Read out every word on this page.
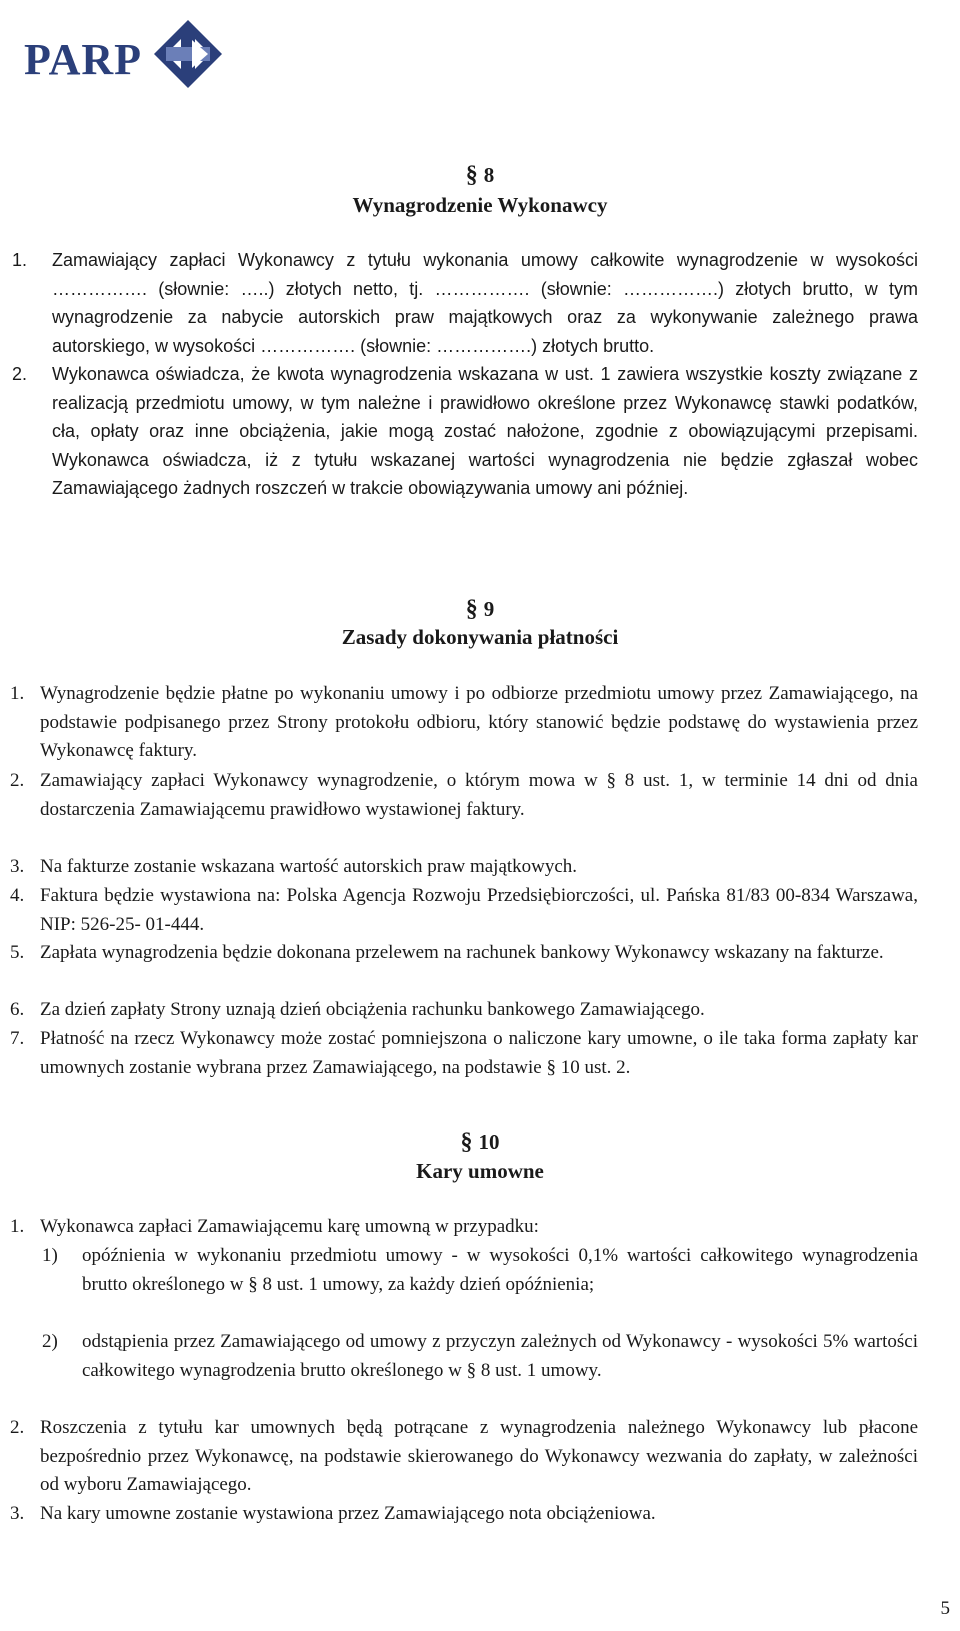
PARP
§ 8
Wynagrodzenie Wykonawcy
1. Zamawiający zapłaci Wykonawcy z tytułu wykonania umowy całkowite wynagrodzenie w wysokości ……………. (słownie: …..) złotych netto, tj. ……………. (słownie: …………….) złotych brutto, w tym wynagrodzenie za nabycie autorskich praw majątkowych oraz za wykonywanie zależnego prawa autorskiego, w wysokości ……………. (słownie: …………….) złotych brutto.
2. Wykonawca oświadcza, że kwota wynagrodzenia wskazana w ust. 1 zawiera wszystkie koszty związane z realizacją przedmiotu umowy, w tym należne i prawidłowo określone przez Wykonawcę stawki podatków, cła, opłaty oraz inne obciążenia, jakie mogą zostać nałożone, zgodnie z obowiązującymi przepisami. Wykonawca oświadcza, iż z tytułu wskazanej wartości wynagrodzenia nie będzie zgłaszał wobec Zamawiającego żadnych roszczeń w trakcie obowiązywania umowy ani później.
§ 9
Zasady dokonywania płatności
1. Wynagrodzenie będzie płatne po wykonaniu umowy i po odbiorze przedmiotu umowy przez Zamawiającego, na podstawie podpisanego przez Strony protokołu odbioru, który stanowić będzie podstawę do wystawienia przez Wykonawcę faktury.
2. Zamawiający zapłaci Wykonawcy wynagrodzenie, o którym mowa w § 8 ust. 1, w terminie 14 dni od dnia dostarczenia Zamawiającemu prawidłowo wystawionej faktury.
3. Na fakturze zostanie wskazana wartość autorskich praw majątkowych.
4. Faktura będzie wystawiona na: Polska Agencja Rozwoju Przedsiębiorczości, ul. Pańska 81/83 00-834 Warszawa, NIP: 526-25- 01-444.
5. Zapłata wynagrodzenia będzie dokonana przelewem na rachunek bankowy Wykonawcy wskazany na fakturze.
6. Za dzień zapłaty Strony uznają dzień obciążenia rachunku bankowego Zamawiającego.
7. Płatność na rzecz Wykonawcy może zostać pomniejszona o naliczone kary umowne, o ile taka forma zapłaty kar umownych zostanie wybrana przez Zamawiającego, na podstawie § 10 ust. 2.
§ 10
Kary umowne
1. Wykonawca zapłaci Zamawiającemu karę umowną w przypadku:
1) opóźnienia w wykonaniu przedmiotu umowy - w wysokości 0,1% wartości całkowitego wynagrodzenia brutto określonego w § 8 ust. 1 umowy, za każdy dzień opóźnienia;
2) odstąpienia przez Zamawiającego od umowy z przyczyn zależnych od Wykonawcy - wysokości 5% wartości całkowitego wynagrodzenia brutto określonego w § 8 ust. 1 umowy.
2. Roszczenia z tytułu kar umownych będą potrącane z wynagrodzenia należnego Wykonawcy lub płacone bezpośrednio przez Wykonawcę, na podstawie skierowanego do Wykonawcy wezwania do zapłaty, w zależności od wyboru Zamawiającego.
3. Na kary umowne zostanie wystawiona przez Zamawiającego nota obciążeniowa.
5
